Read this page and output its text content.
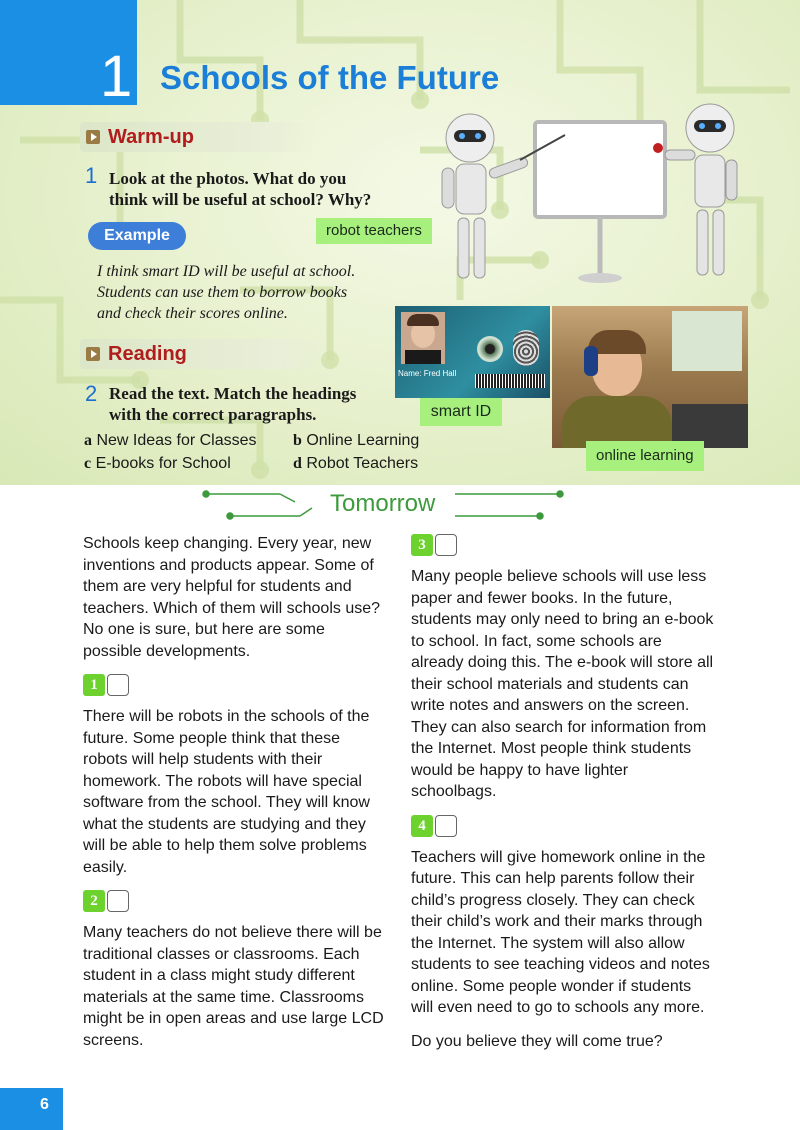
1 Schools of the Future
Warm-up
1 Look at the photos. What do you
think will be useful at school? Why?
Example
I think smart ID will be useful at school.
Students can use them to borrow books
and check their scores online.
robot teachers
Reading
2 Read the text. Match the headings
with the correct paragraphs.
a New Ideas for Classes b Online Learning
c E-books for School	d Robot Teachers
Name: Fred Hall
smart ID
online learning
Tomorrow

Schools keep changing. Every year, new inventions and products appear. Some of them are very helpful for students and teachers. Which of them will schools use? No one is sure, but here are some possible developments.

1

There will be robots in the schools of the future. Some people think that these robots will help students with their homework. The robots will have special software from the school. They will know what the students are studying and they will be able to help them solve problems easily.

2

Many teachers do not believe there will be traditional classes or classrooms. Each student in a class might study different materials at the same time. Classrooms might be in open areas and use large LCD screens.

3

Many people believe schools will use less paper and fewer books. In the future, students may only need to bring an e-book to school. In fact, some schools are already doing this. The e-book will store all their school materials and students can write notes and answers on the screen. They can also search for information from the Internet. Most people think students would be happy to have lighter schoolbags.

4

Teachers will give homework online in the future. This can help parents follow their child’s progress closely. They can check their child’s work and their marks through the Internet. The system will also allow students to see teaching videos and notes online. Some people wonder if students will even need to go to schools any more.

Do you believe they will come true?

6
